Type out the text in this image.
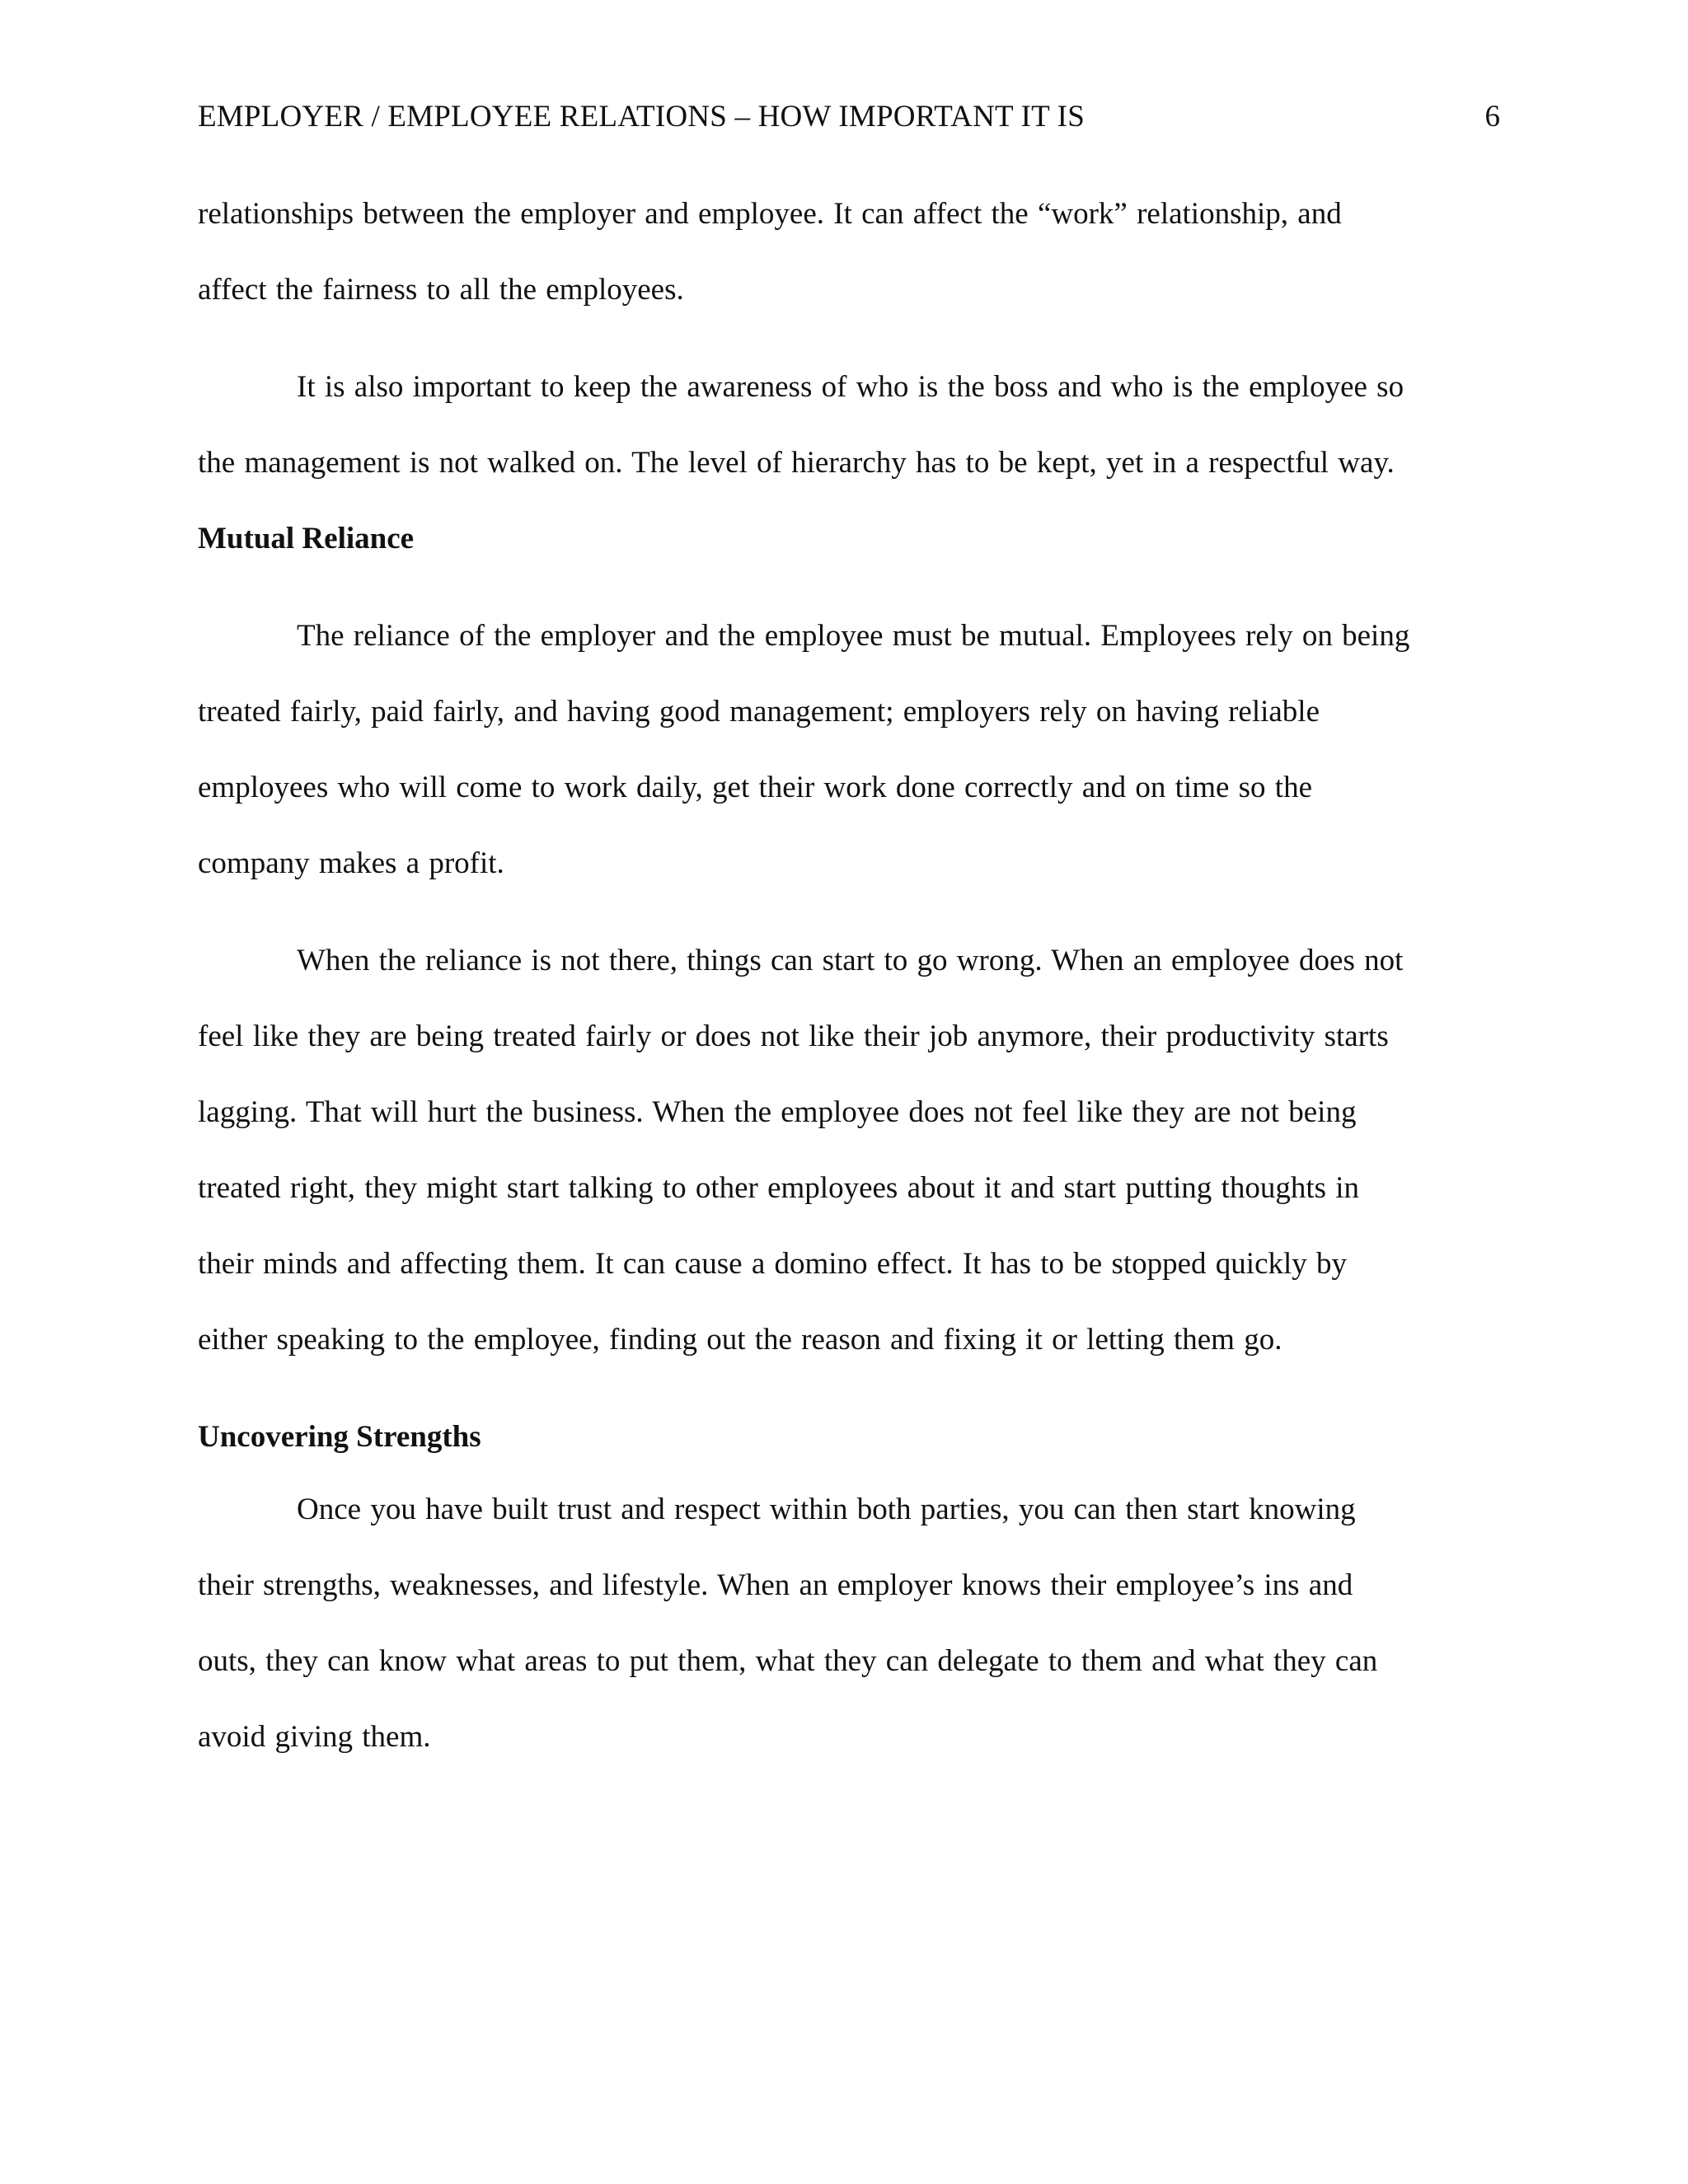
EMPLOYER / EMPLOYEE RELATIONS – HOW IMPORTANT IT IS	6
relationships between the employer and employee. It can affect the “work” relationship, and
affect the fairness to all the employees.
It is also important to keep the awareness of who is the boss and who is the employee so
the management is not walked on. The level of hierarchy has to be kept, yet in a respectful way.
Mutual Reliance
The reliance of the employer and the employee must be mutual. Employees rely on being
treated fairly, paid fairly, and having good management; employers rely on having reliable
employees who will come to work daily, get their work done correctly and on time so the
company makes a profit.
When the reliance is not there, things can start to go wrong. When an employee does not
feel like they are being treated fairly or does not like their job anymore, their productivity starts
lagging. That will hurt the business. When the employee does not feel like they are not being
treated right, they might start talking to other employees about it and start putting thoughts in
their minds and affecting them. It can cause a domino effect. It has to be stopped quickly by
either speaking to the employee, finding out the reason and fixing it or letting them go.
Uncovering Strengths
Once you have built trust and respect within both parties, you can then start knowing
their strengths, weaknesses, and lifestyle. When an employer knows their employee’s ins and
outs, they can know what areas to put them, what they can delegate to them and what they can
avoid giving them.
